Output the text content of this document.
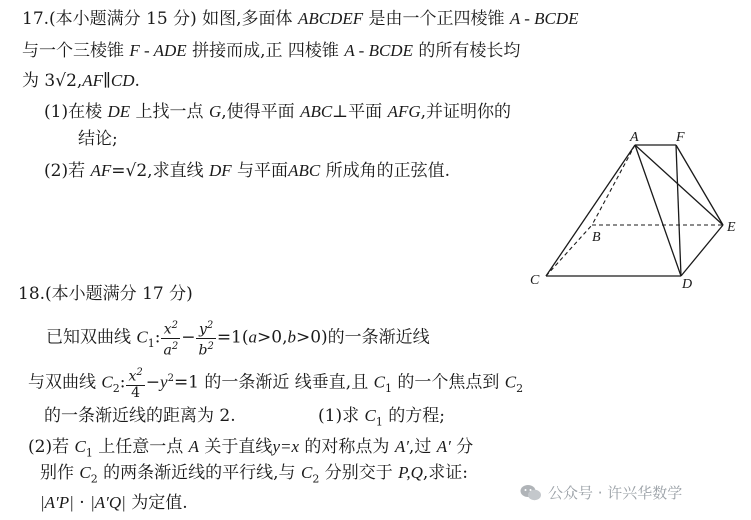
17.(本小题满分 15 分) 如图,多面体 ABCDEF 是由一个正四棱锥 A - BCDE
与一个三棱锥 F - ADE 拼接而成,正 四棱锥 A - BCDE 的所有棱长均
为 3√2,AF∥CD.
(1)在棱 DE 上找一点 G,使得平面 ABC⊥平面 AFG,并证明你的
结论;
(2)若 AF=√2,求直线 DF 与平面ABC 所成角的正弦值.
A	F
B
E
C	D
18.(本小题满分 17 分)
已知双曲线 $C_1$: $\frac{x^2}{a^2} - \frac{y^2}{b^2} =1(a>0,b>0)$的一条渐近线
与双曲线 $C_2$: $\frac{x^2}{4} -y^2=1$ 的一条渐近 线垂直,且 $C_1$ 的一个焦点到 $C_2$
的一条渐近线的距离为 2.	(1)求 $C_1$ 的方程;
(2)若 $C_1$ 上任意一点 A 关于直线y=x 的对称点为 A′,过 A′ 分
别作 $C_2$ 的两条渐近线的平行线,与 $C_2$ 分别交于 P,Q,求证:
|A′P| · |A′Q| 为定值.	公众号 · 许兴华数学
